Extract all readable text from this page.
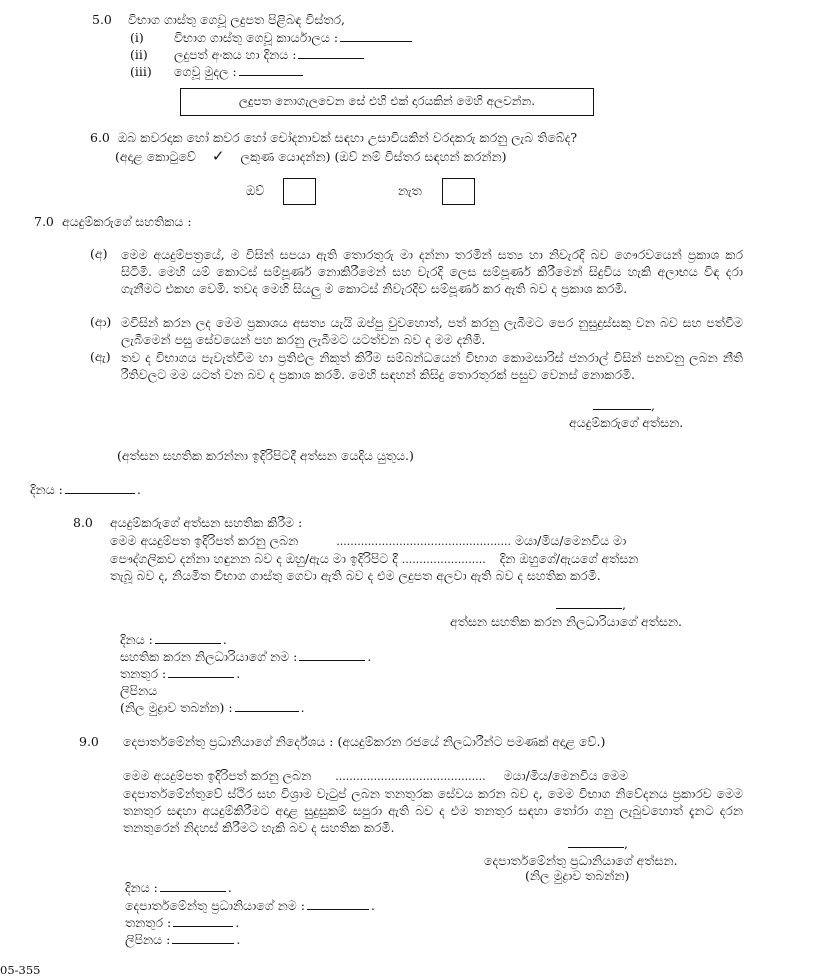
5.0 විභාග ගාස්තු ගෙවූ ලදුපත පිළිබඳ විස්තර,
(i) විභාග ගාස්තු ගෙවූ කාර්යාලය :
(ii) ලදුපත් අංකය හා දිනය :
(iii) ගෙවූ මුදල :
ලදුපත නොගැලවෙන සේ එහි එක් දාරයකින් මෙහි අලවන්න.
6.0 ඔබ කවරදාක හෝ කවර හෝ චෝදනාවක් සඳහා උසාවියකින් වරදකරු කරනු ලැබ තිබේද?
(අදාළ කොටුවේ ✓ ලකුණ යොදන්න) (ඔව් නම් විස්තර සඳහන් කරන්න)
ඔව්	නැත
7.0 අයදුම්කරුගේ සහතිකය :
(අ) මෙම අයදුම්පත්‍රයේ, ම විසින් සපයා ඇති තොරතුරු මා දන්නා තරමින් සත්‍ය හා නිවැරදි බව ගෞරවයෙන් ප්‍රකාශ කර සිටිමි. මෙහි යම් කොටස් සම්පූර්ණ නොකිරීමෙන් සහ වැරදි ලෙස සම්පූර්ණ කිරීමෙන් සිදුවිය හැකි අලාභය විඳ දරා ගැනීමට එකඟ වෙමි. තවද මෙහි සියලු ම කොටස් නිවැරදිව සම්පූර්ණ කර ඇති බව ද ප්‍රකාශ කරමි.
(ආ) මවිසින් කරන ලද මෙම ප්‍රකාශය අසත්‍ය යැයි ඔප්පු වුවහොත්, පත් කරනු ලැබීමට පෙර නුසුදුස්සකු වන බව සහ පත්වීම ලැබීමෙන් පසු සේවයෙන් පහ කරනු ලැබීමට යටත්වන බව ද මම දනිමි.
(ඇ) තව ද විභාගය පැවැත්වීම හා ප්‍රතිඵල නිකුත් කිරීම සම්බන්ධයෙන් විභාග කොමසාරිස් ජනරාල් විසින් පනවනු ලබන නීති රීතිවලට මම යටත් වන බව ද ප්‍රකාශ කරමි. මෙහි සඳහන් කිසිදු තොරතුරක් පසුව වෙනස් නොකරමි.
,
අයදුම්කරුගේ අත්සන.
(අත්සන සහතික කරන්නා ඉදිරිපිටදී අත්සන යෙදිය යුතුය.)
දිනය :	.
8.0 අයදුම්කරුගේ අත්සන සහතික කිරීම :
මෙම අයදුම්පත ඉදිරිපත් කරනු ලබන	.................................................. මයා/මිය/මෙනවිය මා
පෞද්ගලිකව දන්නා හඳුනන බව ද ඔහු/ඇය මා ඉදිරිපිට දී ........................ දින ඔහුගේ/ඇයගේ අත්සන
තැබූ බව ද, නියමිත විභාග ගාස්තු ගෙවා ඇති බව ද එම ලදුපත අලවා ඇති බව ද සහතික කරමි.
,
අත්සන සහතික කරන නිලධාරියාගේ අත්සන.
දිනය :	.
සහතික කරන නිලධාරියාගේ නම :	.
තනතුර :	.
ලිපිනය
(නිල මුද්‍රාව තබන්න) :	.
9.0 දෙපාර්තමේන්තු ප්‍රධානියාගේ නිර්දේශය : (අයදුම්කරන රජයේ නිලධාරීන්ට පමණක් අදාළ වේ.)
මෙම අයදුම්පත ඉදිරිපත් කරනු ලබන ........................................... මයා/මිය/මෙනවිය මෙම
දෙපාර්තමේන්තුවේ ස්ථිර සහ විශ්‍රාම වැටුප් ලබන තනතුරක සේවය කරන බව ද, මෙම විභාග නිවේදනය ප්‍රකාරව මෙම තනතුර සඳහා අයදුම්කිරීමට අදාළ සුදුසුකම් සපුරා ඇති බව ද එම තනතුර සඳහා තෝරා ගනු ලැබුවහොත් දැනට දරන තනතුරෙන් නිදහස් කිරීමට හැකි බව ද සහතික කරමි.
,
දෙපාර්තමේන්තු ප්‍රධානියාගේ අත්සන.
(නිල මුද්‍රාව තබන්න)
දිනය :	.
දෙපාර්තමේන්තු ප්‍රධානියාගේ නම :	.
තනතුර :	.
ලිපිනය :	.
05-355
